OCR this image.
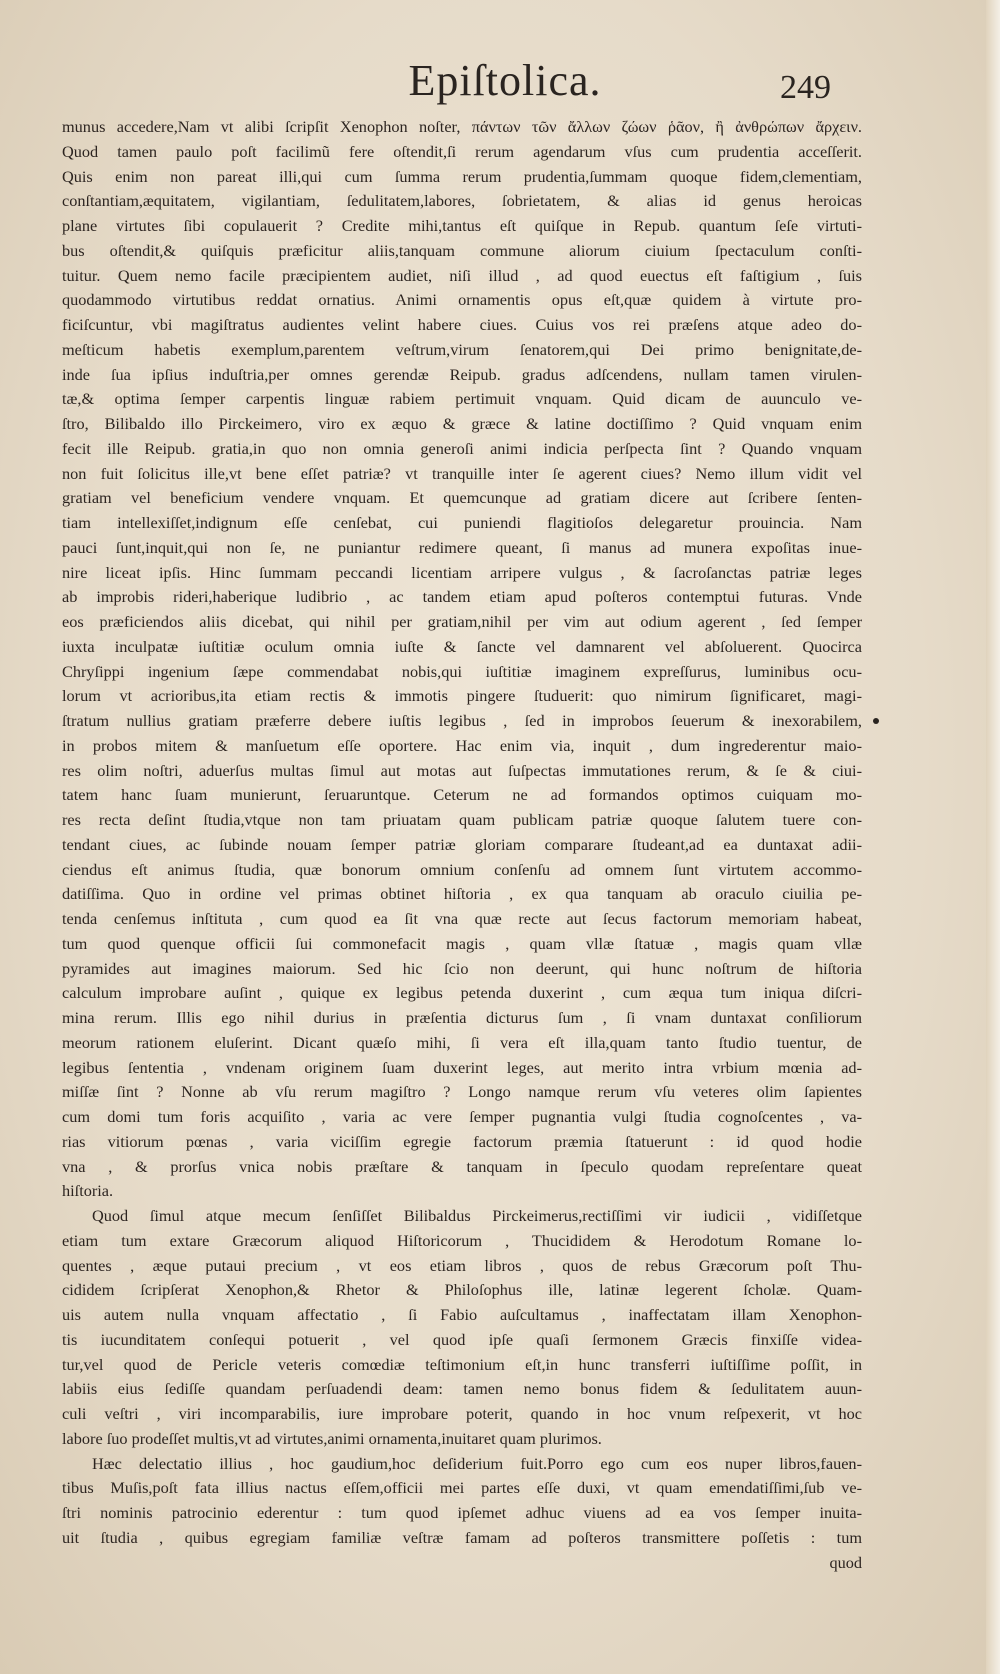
Epiſtolica.	249
munus accedere,Nam vt alibi ſcripſit Xenophon noſter, πάντων τῶν ἄλλων ζώων ῥᾶον, ἢ ἀνθρώπων ἄρχειν.
Quod tamen paulo poſt facilimũ fere oſtendit,ſi rerum agendarum vſus cum prudentia acceſſerit.
Quis enim non pareat illi,qui cum ſumma rerum prudentia,ſummam quoque fidem,clementiam,
conſtantiam,æquitatem, vigilantiam, ſedulitatem,labores, ſobrietatem, & alias id genus heroicas
plane virtutes ſibi copulauerit ? Credite mihi,tantus eſt quiſque in Repub. quantum ſeſe virtuti-
bus oſtendit,& quiſquis præficitur aliis,tanquam commune aliorum ciuium ſpectaculum conſti-
tuitur. Quem nemo facile præcipientem audiet, niſi illud , ad quod euectus eſt faſtigium , ſuis
quodammodo virtutibus reddat ornatius. Animi ornamentis opus eſt,quæ quidem à virtute pro-
ficiſcuntur, vbi magiſtratus audientes velint habere ciues. Cuius vos rei præſens atque adeo do-
meſticum habetis exemplum,parentem veſtrum,virum ſenatorem,qui Dei primo benignitate,de-
inde ſua ipſius induſtria,per omnes gerendæ Reipub. gradus adſcendens, nullam tamen virulen-
tæ,& optima ſemper carpentis linguæ rabiem pertimuit vnquam. Quid dicam de auunculo ve-
ſtro, Bilibaldo illo Pirckeimero, viro ex æquo & græce & latine doctiſſimo ? Quid vnquam enim
fecit ille Reipub. gratia,in quo non omnia generoſi animi indicia perſpecta ſint ? Quando vnquam
non fuit ſolicitus ille,vt bene eſſet patriæ? vt tranquille inter ſe agerent ciues? Nemo illum vidit vel
gratiam vel beneficium vendere vnquam. Et quemcunque ad gratiam dicere aut ſcribere ſenten-
tiam intellexiſſet,indignum eſſe cenſebat, cui puniendi flagitioſos delegaretur prouincia. Nam
pauci ſunt,inquit,qui non ſe, ne puniantur redimere queant, ſi manus ad munera expoſitas inue-
nire liceat ipſis. Hinc ſummam peccandi licentiam arripere vulgus , & ſacroſanctas patriæ leges
ab improbis rideri,haberique ludibrio , ac tandem etiam apud poſteros contemptui futuras. Vnde
eos præficiendos aliis dicebat, qui nihil per gratiam,nihil per vim aut odium agerent , ſed ſemper
iuxta inculpatæ iuſtitiæ oculum omnia iuſte & ſancte vel damnarent vel abſoluerent. Quocirca
Chryſippi ingenium ſæpe commendabat nobis,qui iuſtitiæ imaginem expreſſurus, luminibus ocu-
lorum vt acrioribus,ita etiam rectis & immotis pingere ſtuduerit: quo nimirum ſignificaret, magi-
ſtratum nullius gratiam præferre debere iuſtis legibus , ſed in improbos ſeuerum & inexorabilem,
in probos mitem & manſuetum eſſe oportere. Hac enim via, inquit , dum ingrederentur maio-
res olim noſtri, aduerſus multas ſimul aut motas aut ſuſpectas immutationes rerum, & ſe & ciui-
tatem hanc ſuam munierunt, ſeruaruntque. Ceterum ne ad formandos optimos cuiquam mo-
res recta deſint ſtudia,vtque non tam priuatam quam publicam patriæ quoque ſalutem tuere con-
tendant ciues, ac ſubinde nouam ſemper patriæ gloriam comparare ſtudeant,ad ea duntaxat adii-
ciendus eſt animus ſtudia, quæ bonorum omnium conſenſu ad omnem ſunt virtutem accommo-
datiſſima. Quo in ordine vel primas obtinet hiſtoria , ex qua tanquam ab oraculo ciuilia pe-
tenda cenſemus inſtituta , cum quod ea ſit vna quæ recte aut ſecus factorum memoriam habeat,
tum quod quenque officii ſui commonefacit magis , quam vllæ ſtatuæ , magis quam vllæ
pyramides aut imagines maiorum. Sed hic ſcio non deerunt, qui hunc noſtrum de hiſtoria
calculum improbare auſint , quique ex legibus petenda duxerint , cum æqua tum iniqua diſcri-
mina rerum. Illis ego nihil durius in præſentia dicturus ſum , ſi vnam duntaxat conſiliorum
meorum rationem eluſerint. Dicant quæſo mihi, ſi vera eſt illa,quam tanto ſtudio tuentur, de
legibus ſententia , vndenam originem ſuam duxerint leges, aut merito intra vrbium mœnia ad-
miſſæ ſint ? Nonne ab vſu rerum magiſtro ? Longo namque rerum vſu veteres olim ſapientes
cum domi tum foris acquiſito , varia ac vere ſemper pugnantia vulgi ſtudia cognoſcentes , va-
rias vitiorum pœnas , varia viciſſim egregie factorum præmia ſtatuerunt : id quod hodie
vna , & prorſus vnica nobis præſtare & tanquam in ſpeculo quodam repreſentare queat
hiſtoria.
Quod ſimul atque mecum ſenſiſſet Bilibaldus Pirckeimerus,rectiſſimi vir iudicii , vidiſſetque
etiam tum extare Græcorum aliquod Hiſtoricorum , Thucididem & Herodotum Romane lo-
quentes , æque putaui precium , vt eos etiam libros , quos de rebus Græcorum poſt Thu-
cididem ſcripſerat Xenophon,& Rhetor & Philoſophus ille, latinæ legerent ſcholæ. Quam-
uis autem nulla vnquam affectatio , ſi Fabio auſcultamus , inaffectatam illam Xenophon-
tis iucunditatem conſequi potuerit , vel quod ipſe quaſi ſermonem Græcis finxiſſe videa-
tur,vel quod de Pericle veteris comœdiæ teſtimonium eſt,in hunc transferri iuſtiſſime poſſit, in
labiis eius ſediſſe quandam perſuadendi deam: tamen nemo bonus fidem & ſedulitatem auun-
culi veſtri , viri incomparabilis, iure improbare poterit, quando in hoc vnum reſpexerit, vt hoc
labore ſuo prodeſſet multis,vt ad virtutes,animi ornamenta,inuitaret quam plurimos.
Hæc delectatio illius , hoc gaudium,hoc deſiderium fuit.Porro ego cum eos nuper libros,fauen-
tibus Muſis,poſt fata illius nactus eſſem,officii mei partes eſſe duxi, vt quam emendatiſſimi,ſub ve-
ſtri nominis patrocinio ederentur : tum quod ipſemet adhuc viuens ad ea vos ſemper inuita-
uit ſtudia , quibus egregiam familiæ veſtræ famam ad poſteros transmittere poſſetis : tum
quod
